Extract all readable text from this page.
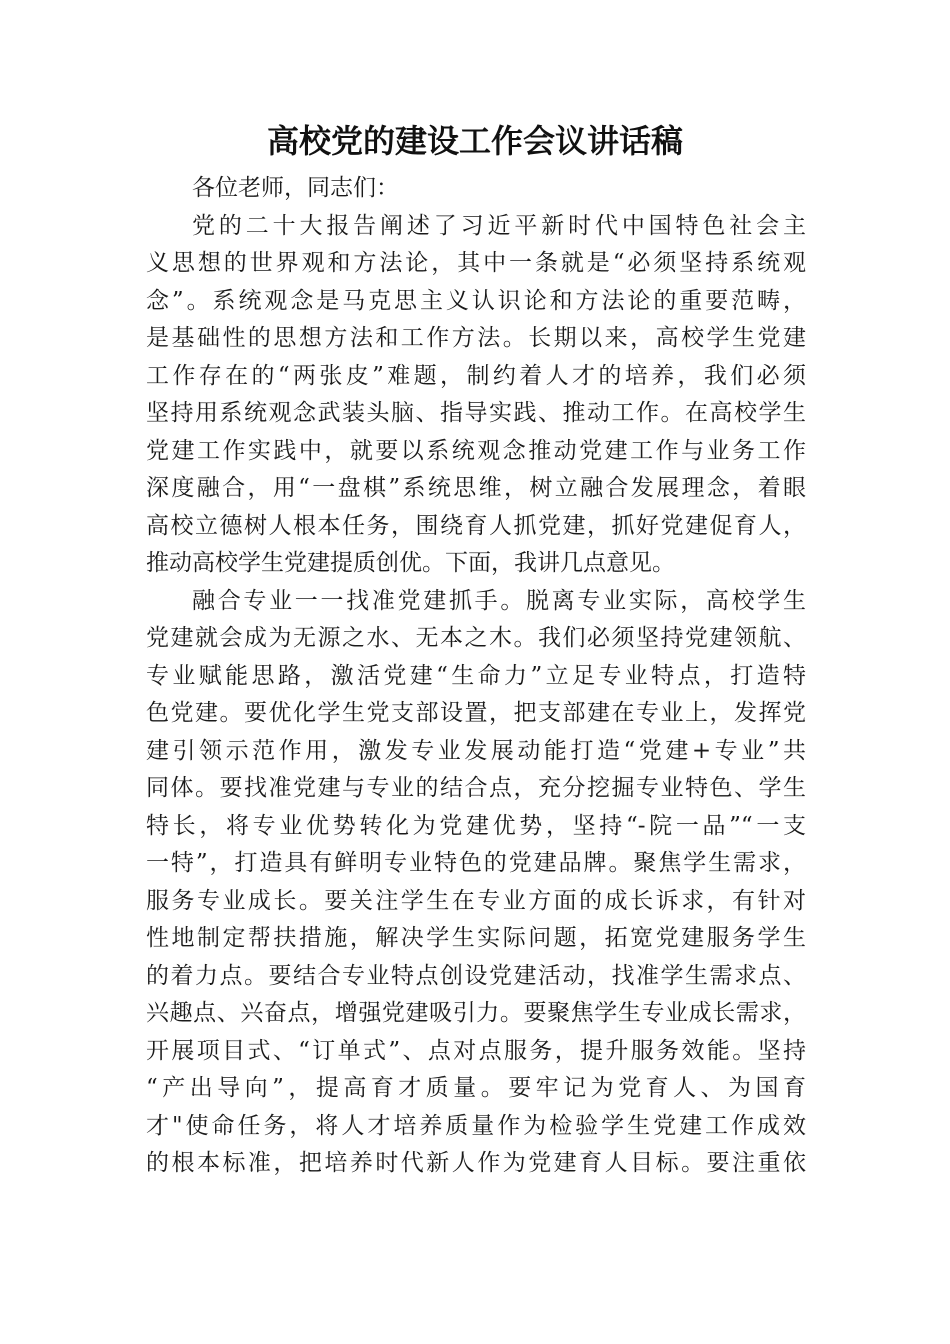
高校党的建设工作会议讲话稿
各位老师，同志们：
党的二十大报告阐述了习近平新时代中国特色社会主
义思想的世界观和方法论，其中一条就是“必须坚持系统观
念”。系统观念是马克思主义认识论和方法论的重要范畴，
是基础性的思想方法和工作方法。长期以来，高校学生党建
工作存在的“两张皮”难题，制约着人才的培养，我们必须
坚持用系统观念武装头脑、指导实践、推动工作。在高校学生
党建工作实践中，就要以系统观念推动党建工作与业务工作
深度融合，用“一盘棋”系统思维，树立融合发展理念，着眼
高校立德树人根本任务，围绕育人抓党建，抓好党建促育人，
推动高校学生党建提质创优。下面，我讲几点意见。
融合专业一一找准党建抓手。脱离专业实际，高校学生
党建就会成为无源之水、无本之木。我们必须坚持党建领航、
专业赋能思路，激活党建“生命力”立足专业特点，打造特
色党建。要优化学生党支部设置，把支部建在专业上，发挥党
建引领示范作用，激发专业发展动能打造“党建+专业”共
同体。要找准党建与专业的结合点，充分挖掘专业特色、学生
特长，将专业优势转化为党建优势，坚持“-院一品”“一支
一特”，打造具有鲜明专业特色的党建品牌。聚焦学生需求，
服务专业成长。要关注学生在专业方面的成长诉求，有针对
性地制定帮扶措施，解决学生实际问题，拓宽党建服务学生
的着力点。要结合专业特点创设党建活动，找准学生需求点、
兴趣点、兴奋点，增强党建吸引力。要聚焦学生专业成长需求，
开展项目式、“订单式”、点对点服务，提升服务效能。坚持
“产出导向”，提高育才质量。要牢记为党育人、为国育
才"使命任务，将人才培养质量作为检验学生党建工作成效
的根本标准，把培养时代新人作为党建育人目标。要注重依
